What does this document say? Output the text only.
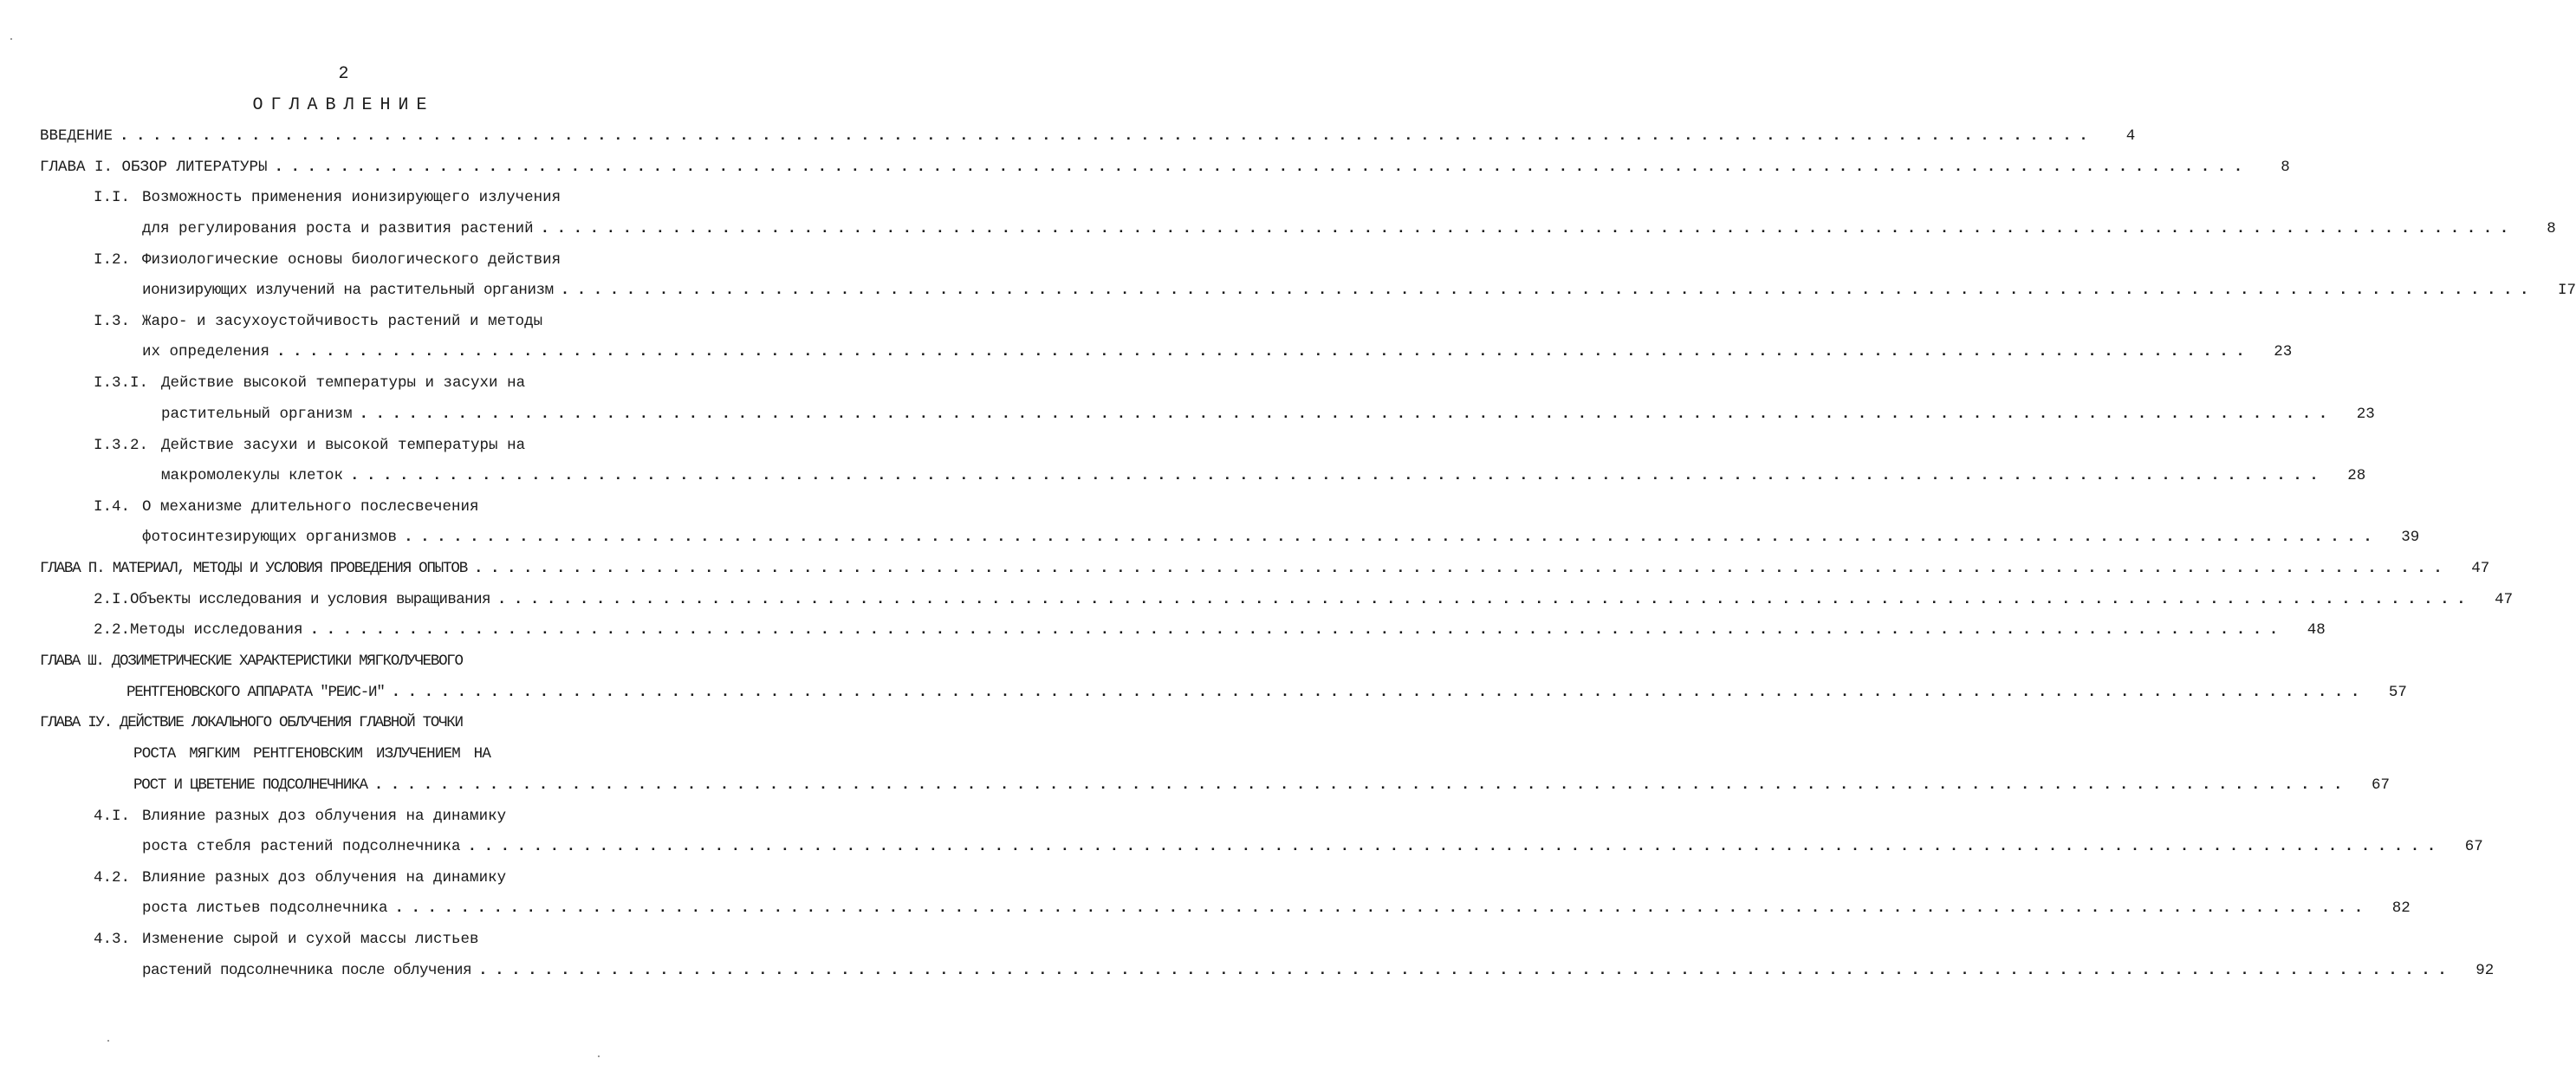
2
ОГЛАВЛЕНИЕ
ВВЕДЕНИЕ ........................................................................................................................	4
ГЛАВА I. ОБЗОР ЛИТЕРАТУРЫ ........................................................................................................................	8
I.I. Возможность применения ионизирующего излучения
для регулирования роста и развития растений ........................................................................................................................	8
I.2. Физиологические основы биологического действия
ионизирующих излучений на растительный организм ........................................................................................................................	I7
I.3. Жаро- и засухоустойчивость растений и методы
их определения ........................................................................................................................	23
I.3.I. Действие высокой температуры и засухи на
растительный организм ........................................................................................................................	23
I.3.2. Действие засухи и высокой температуры на
макромолекулы клеток ........................................................................................................................	28
I.4. О механизме длительного послесвечения
фотосинтезирующих организмов ........................................................................................................................	39
ГЛАВА П. МАТЕРИАЛ, МЕТОДЫ И УСЛОВИЯ ПРОВЕДЕНИЯ ОПЫТОВ ........................................................................................................................	47
2.I. Объекты исследования и условия выращивания ........................................................................................................................	47
2.2. Методы исследования ........................................................................................................................	48
ГЛАВА Ш. ДОЗИМЕТРИЧЕСКИЕ ХАРАКТЕРИСТИКИ МЯГКОЛУЧЕВОГО
РЕНТГЕНОВСКОГО АППАРАТА "РЕИС-И" ........................................................................................................................	57
ГЛАВА IУ. ДЕЙСТВИЕ ЛОКАЛЬНОГО ОБЛУЧЕНИЯ ГЛАВНОЙ ТОЧКИ
РОСТА МЯГКИМ РЕНТГЕНОВСКИМ ИЗЛУЧЕНИЕМ НА
РОСТ И ЦВЕТЕНИЕ ПОДСОЛНЕЧНИКА ........................................................................................................................	67
4.I. Влияние разных доз облучения на динамику
роста стебля растений подсолнечника ........................................................................................................................	67
4.2. Влияние разных доз облучения на динамику
роста листьев подсолнечника ........................................................................................................................	82
4.3. Изменение сырой и сухой массы листьев
растений подсолнечника после облучения ........................................................................................................................	92
